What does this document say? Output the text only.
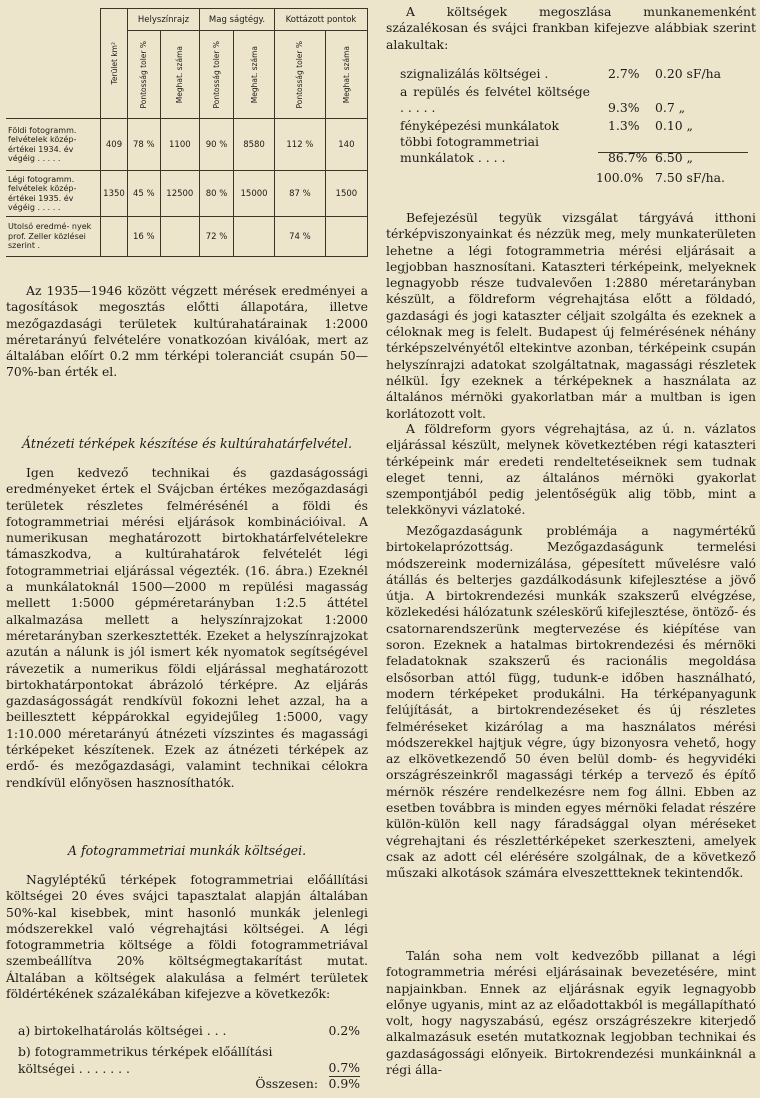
	Terület km²	Helyszínrajz		Mag ságtégy.		Kottázott pontok	

		Pontosság toler %	Meghat. száma	Pontosság toler %	Meghat. száma	Pontosság toler %	Meghat. száma

Földi fotogramm. felvételek közép- értékei 1934. év végéig . . . . .	409	78 %	1100	90 %	8580	112 %	140
Légi fotogramm. felvételek közép- értékei 1935. év végéig . . . . .	1350	45 %	12500	80 %	15000	87 %	1500
Utolsó eredmé- nyek prof. Zeller közlései szerint .		16 %		72 %		74 %	

Az 1935—1946 között végzett mérések eredményei a tagosítások megosztás előtti állapotára, illetve mezőgazdasági területek kultúrahatárainak 1:2000 méretarányú felvételére vonatkozóan kiválóak, mert az általában előírt 0.2 mm térképi toleranciát csupán 50—70%-ban érték el.

Átnézeti térképek készítése és kultúrahatárfelvétel.

Igen kedvező technikai és gazdaságossági eredményeket értek el Svájcban értékes mezőgazdasági területek részletes felmérésénél a földi és fotogrammetriai mérési eljárások kombinációival. A numerikusan meghatározott birtokhatárfelvételekre támaszkodva, a kultúrahatárok felvételét légi fotogrammetriai eljárással végezték. (16. ábra.) Ezeknél a munkálatoknál 1500—2000 m repülési magasság mellett 1:5000 gépméretarányban 1:2.5 áttétel alkalmazása mellett a helyszínrajzokat 1:2000 méretarányban szerkesztették. Ezeket a helyszínrajzokat azután a nálunk is jól ismert kék nyomatok segítségével rávezetik a numerikus földi eljárással meghatározott birtokhatárpontokat ábrázoló térképre. Az eljárás gazdaságosságát rendkívül fokozni lehet azzal, ha a beillesztett képpárokkal egyidejűleg 1:5000, vagy 1:10.000 méretarányú átnézeti vízszintes és magassági térképeket készítenek. Ezek az átnézeti térképek az erdő- és mezőgazdasági, valamint technikai célokra rendkívül előnyösen hasznosíthatók.

A fotogrammetriai munkák költségei.

Nagyléptékű térképek fotogrammetriai előállítási költségei 20 éves svájci tapasztalat alapján általában 50%-kal kisebbek, mint hasonló munkák jelenlegi módszerekkel való végrehajtási költségei. A légi fotogrammetria költsége a földi fotogrammetriával szembeállítva 20% költségmegtakarítást mutat. Általában a költségek alakulása a felmért területek földértékének százalékában kifejezve a következők:

a) birtokelhatárolás költségei . . .	0.2%
b) fotogrammetrikus térképek előállítási költségei . . . . . . .	0.7%
Összesen: 0.9%

A költségek megoszlása munkanemenként százalékosan és svájci frankban kifejezve alábbiak szerint alakultak:

szignalizálás költségei .	2.7% 0.20 sF/ha
a repülés és felvétel költsége . . . . .	9.3% 0.7 „
fényképezési munkálatok	1.3% 0.10 „
többi fotogrammetriai munkálatok . . . .	86.7% 6.50 „
100.0% 7.50 sF/ha.

Befejezésül tegyük vizsgálat tárgyává itthoni térképviszonyainkat és nézzük meg, mely munkaterületen lehetne a légi fotogrammetria mérési eljárásait a legjobban hasznosítani. Kataszteri térképeink, melyeknek legnagyobb része tudvalevően 1:2880 méretarányban készült, a földreform végrehajtása előtt a földadó, gazdasági és jogi kataszter céljait szolgálta és ezeknek a céloknak meg is felelt. Budapest új felmérésének néhány térképszelvényétől eltekintve azonban, térképeink csupán helyszínrajzi adatokat szolgáltatnak, magassági részletek nélkül. Így ezeknek a térképeknek a használata az általános mérnöki gyakorlatban már a multban is igen korlátozott volt.

A földreform gyors végrehajtása, az ú. n. vázlatos eljárással készült, melynek következtében régi kataszteri térképeink már eredeti rendeltetéseiknek sem tudnak eleget tenni, az általános mérnöki gyakorlat szempontjából pedig jelentőségük alig több, mint a telekkönyvi vázlatoké.

Mezőgazdaságunk problémája a nagymértékű birtokelaprózottság. Mezőgazdaságunk termelési módszereink modernizálása, gépesített művelésre való átállás és belterjes gazdálkodásunk kifejlesztése a jövő útja. A birtokrendezési munkák szakszerű elvégzése, közlekedési hálózatunk széleskörű kifejlesztése, öntöző- és csatornarendszerünk megtervezése és kiépítése van soron. Ezeknek a hatalmas birtokrendezési és mérnöki feladatoknak szakszerű és racionális megoldása elsősorban attól függ, tudunk-e időben használható, modern térképeket produkálni. Ha térképanyagunk felújítását, a birtokrendezéseket és új részletes felméréseket kizárólag a ma használatos mérési módszerekkel hajtjuk végre, úgy bizonyosra vehető, hogy az elkövetkezendő 50 éven belül domb- és hegyvidéki országrészeinkről magassági térkép a tervező és építő mérnök részére rendelkezésre nem fog állni. Ebben az esetben továbbra is minden egyes mérnöki feladat részére külön-külön kell nagy fáradsággal olyan méréseket végrehajtani és részlettérképeket szerkeszteni, amelyek csak az adott cél elérésére szolgálnak, de a következő műszaki alkotások számára elveszettteknek tekintendők.

Talán soha nem volt kedvezőbb pillanat a légi fotogrammetria mérési eljárásainak bevezetésére, mint napjainkban. Ennek az eljárásnak egyik legnagyobb előnye ugyanis, mint az az előadottakból is megállapítható volt, hogy nagyszabású, egész országrészekre kiterjedő alkalmazásuk esetén mutatkoznak legjobban technikai és gazdaságossági előnyeik. Birtokrendezési munkáinknál a régi álla-
